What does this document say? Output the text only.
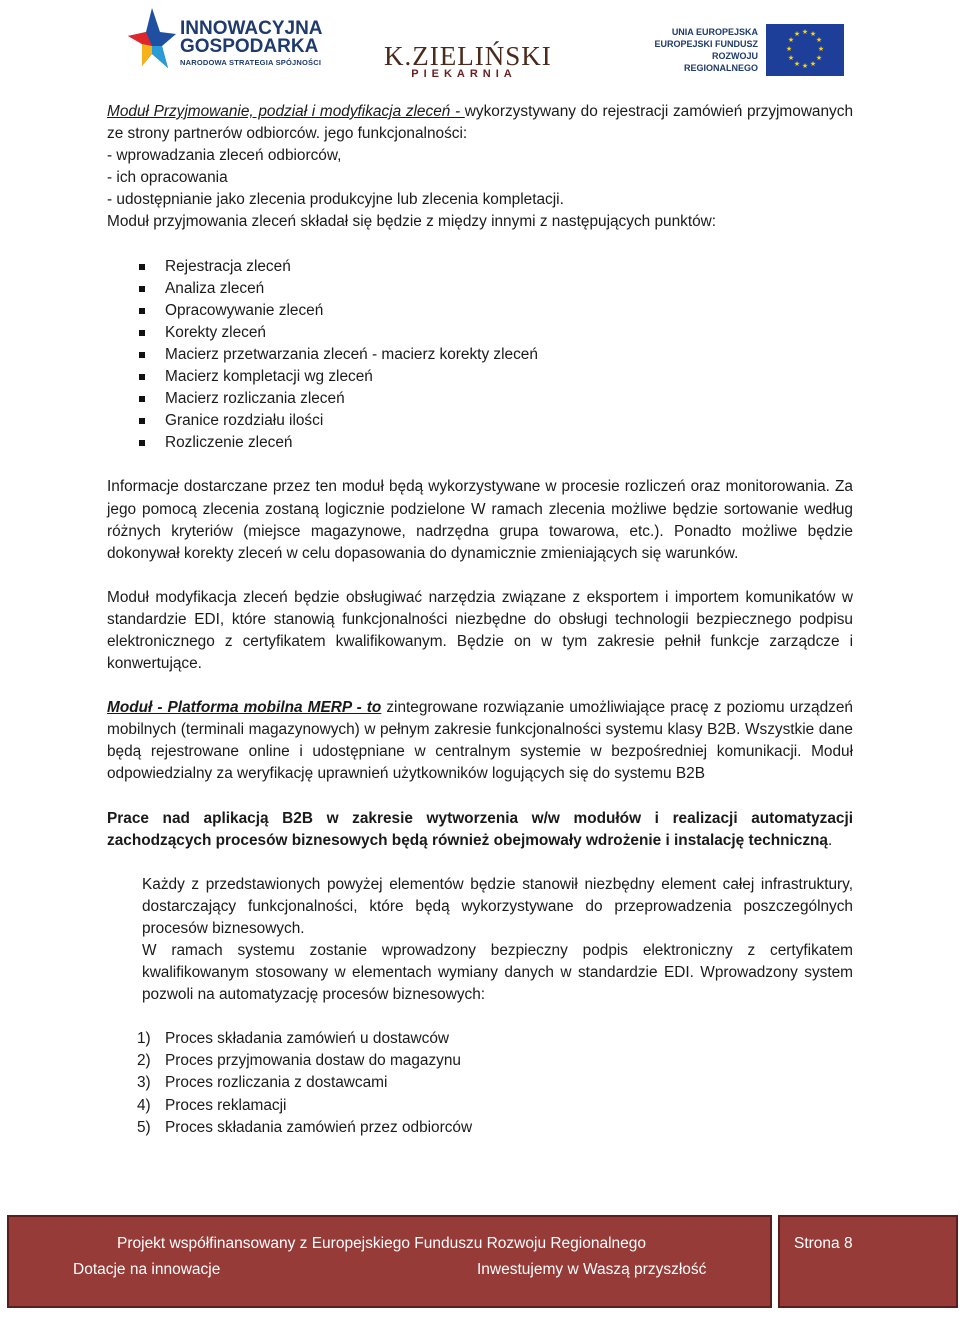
INNOWACYJNA
GOSPODARKA
NARODOWA STRATEGIA SPÓJNOŚCI K.ZIELIŃSKI
PIEKARNIA
UNIA EUROPEJSKA
EUROPEJSKI FUNDUSZ
ROZWOJU REGIONALNEGO
★ ★
★
★
★
★
★
★
★
★
★
★

Moduł Przyjmowanie, podział i modyfikacja zleceń - wykorzystywany do rejestracji zamówień przyjmowanych ze strony partnerów odbiorców. jego funkcjonalności:

- wprowadzania zleceń odbiorców,

- ich opracowania

- udostępnianie jako zlecenia produkcyjne lub zlecenia kompletacji.

Moduł przyjmowania zleceń składał się będzie z między innymi z następujących punktów:

Rejestracja zleceń
Analiza zleceń
Opracowywanie zleceń
Korekty zleceń
Macierz przetwarzania zleceń - macierz korekty zleceń
Macierz kompletacji wg zleceń
Macierz rozliczania zleceń
Granice rozdziału ilości
Rozliczenie zleceń

Informacje dostarczane przez ten moduł będą wykorzystywane w procesie rozliczeń oraz monitorowania. Za jego pomocą zlecenia zostaną logicznie podzielone W ramach zlecenia możliwe będzie sortowanie według różnych kryteriów (miejsce magazynowe, nadrzędna grupa towarowa, etc.). Ponadto możliwe będzie dokonywał korekty zleceń w celu dopasowania do dynamicznie zmieniających się warunków.

Moduł modyfikacja zleceń będzie obsługiwać narzędzia związane z eksportem i importem komunikatów w standardzie EDI, które stanowią funkcjonalności niezbędne do obsługi technologii bezpiecznego podpisu elektronicznego z certyfikatem kwalifikowanym. Będzie on w tym zakresie pełnił funkcje zarządcze i konwertujące.

Moduł - Platforma mobilna MERP - to zintegrowane rozwiązanie umożliwiające pracę z poziomu urządzeń mobilnych (terminali magazynowych) w pełnym zakresie funkcjonalności systemu klasy B2B. Wszystkie dane będą rejestrowane online i udostępniane w centralnym systemie w bezpośredniej komunikacji. Moduł odpowiedzialny za weryfikację uprawnień użytkowników logujących się do systemu B2B

Prace nad aplikacją B2B w zakresie wytworzenia w/w modułów i realizacji automatyzacji zachodzących procesów biznesowych będą również obejmowały wdrożenie i instalację techniczną.

Każdy z przedstawionych powyżej elementów będzie stanowił niezbędny element całej infrastruktury, dostarczający funkcjonalności, które będą wykorzystywane do przeprowadzenia poszczególnych procesów biznesowych.

W ramach systemu zostanie wprowadzony bezpieczny podpis elektroniczny z certyfikatem kwalifikowanym stosowany w elementach wymiany danych w standardzie EDI. Wprowadzony system pozwoli na automatyzację procesów biznesowych:

1) Proces składania zamówień u dostawców
2) Proces przyjmowania dostaw do magazynu
3) Proces rozliczania z dostawcami
4) Proces reklamacji
5) Proces składania zamówień przez odbiorców
Projekt współfinansowany z Europejskiego Funduszu Rozwoju Regionalnego
Dotacje na innowacje	Inwestujemy w Waszą przyszłość
Strona 8
